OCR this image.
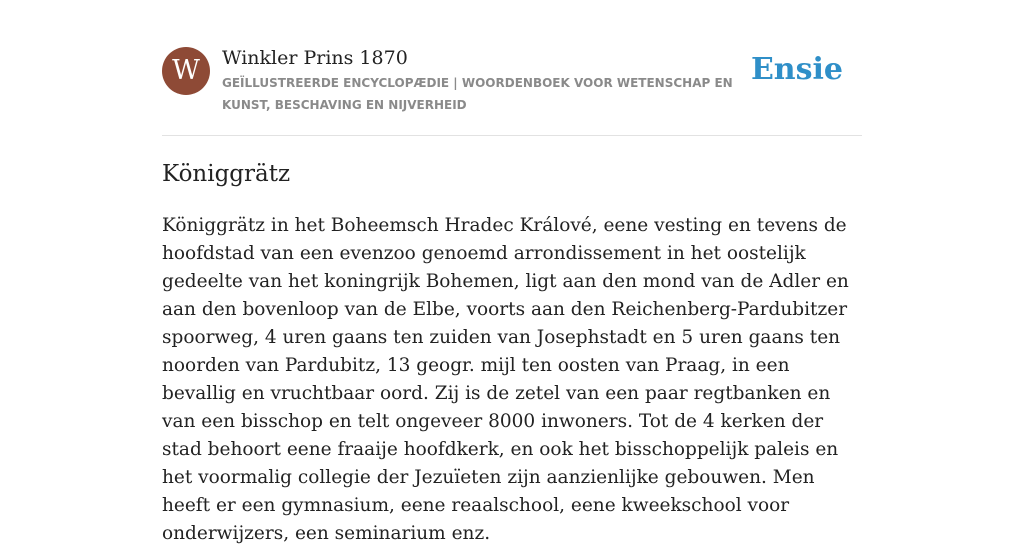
W	Winkler Prins 1870
GEÏLLUSTREERDE ENCYCLOPÆDIE | WOORDENBOEK VOOR WETENSCHAP EN KUNST, BESCHAVING EN NIJVERHEID
Ensie
Königgrätz

Königgrätz in het Boheemsch Hradec Králové, eene vesting en tevens de hoofdstad van een evenzoo genoemd arrondissement in het oostelijk gedeelte van het koningrijk Bohemen, ligt aan den mond van de Adler en aan den bovenloop van de Elbe, voorts aan den Reichenberg-Pardubitzer spoorweg, 4 uren gaans ten zuiden van Josephstadt en 5 uren gaans ten noorden van Pardubitz, 13 geogr. mijl ten oosten van Praag, in een bevallig en vruchtbaar oord. Zij is de zetel van een paar regtbanken en van een bisschop en telt ongeveer 8000 inwoners. Tot de 4 kerken der stad behoort eene fraaije hoofdkerk, en ook het bisschoppelijk paleis en het voormalig collegie der Jezuïeten zijn aanzienlijke gebouwen. Men heeft er een gymnasium, eene reaalschool, eene kweekschool voor onderwijzers, een seminarium enz.
